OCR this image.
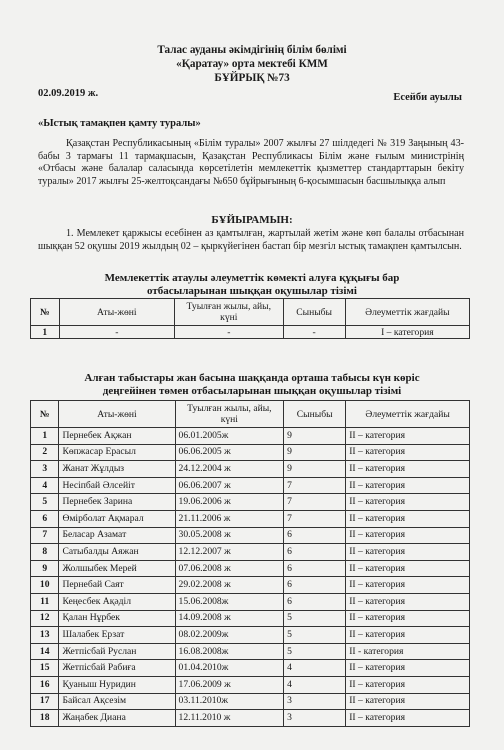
Талас ауданы әкімдігінің білім бөлімі
«Қаратау» орта мектебі КММ
БҰЙРЫҚ №73
02.09.2019 ж.	Есейби ауылы
«Ыстық тамақпен қамту туралы»
Қазақстан Республикасының «Білім туралы» 2007 жылғы 27 шілдедегі № 319 Заңының 43-бабы 3 тармағы 11 тармақшасын, Қазақстан Республикасы Білім және ғылым министрінің «Отбасы және балалар саласында көрсетілетін мемлекеттік қызметтер стандарттарын бекіту туралы» 2017 жылғы 25-желтоқсандағы №650 бұйрығының 6-қосымшасын басшылыққа алып
БҰЙЫРАМЫН:
1. Мемлекет қаржысы есебінен аз қамтылған, жартылай жетім және көп балалы отбасынан шыққан 52 оқушы 2019 жылдың 02 – қыркүйегінен бастап бір мезгіл ыстық тамақпен қамтылсын.
Мемлекеттік атаулы әлеуметтік көмекті алуға құқығы бар
отбасыларынан шыққан оқушылар тізімі
№	Аты-жөні	Туылған жылы, айы, күні	Сыныбы	Әлеуметтік жағдайы
1	-	-	-	I – категория
Алған табыстары жан басына шаққанда орташа табысы күн көріс
деңгейінен төмен отбасыларынан шыққан оқушылар тізімі
№	Аты-жөні	Туылған жылы, айы, күні	Сыныбы	Әлеуметтік жағдайы
1	Пернебек Ақжан	06.01.2005ж	9	II – категория
2	Көпжасар Ерасыл	06.06.2005 ж	9	II – категория
3	Жанат Жұлдыз	24.12.2004 ж	9	II – категория
4	Несіпбай Әлсейіт	06.06.2007 ж	7	II – категория
5	Пернебек Зарина	19.06.2006 ж	7	II – категория
6	Өмірболат Ақмарал	21.11.2006 ж	7	II – категория
7	Беласар Азамат	30.05.2008 ж	6	II – категория
8	Сатыбалды Аяжан	12.12.2007 ж	6	II – категория
9	Жолшыбек Мерей	07.06.2008 ж	6	II – категория
10	Пернебай Саят	29.02.2008 ж	6	II – категория
11	Кеңесбек Ақәділ	15.06.2008ж	6	II – категория
12	Қалан Нұрбек	14.09.2008 ж	5	II – категория
13	Шалабек Ерзат	08.02.2009ж	5	II – категория
14	Жетпісбай Руслан	16.08.2008ж	5	II - категория
15	Жетпісбай Рабиға	01.04.2010ж	4	II – категория
16	Қуаныш Нуридин	17.06.2009 ж	4	II – категория
17	Байсал Ақсезім	03.11.2010ж	3	II – категория
18	Жаңабек Диана	12.11.2010 ж	3	II – категория
